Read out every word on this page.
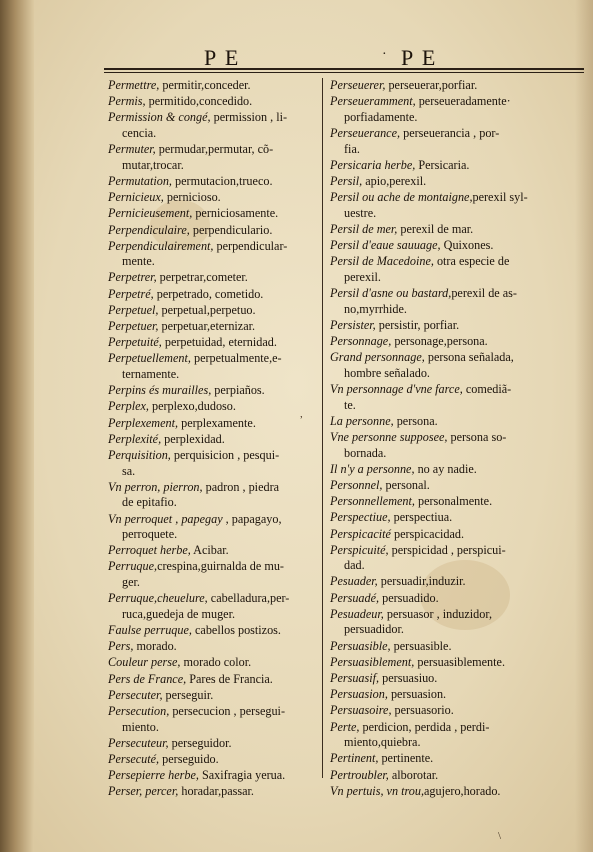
P E	· P E
Permettre, permitir,conceder.
Permis, permitido,concedido.
Permission & congé, permission , li-
cencia.
Permuter, permudar,permutar, cõ-
mutar,trocar.
Permutation, permutacion,trueco.
Pernicieux, pernicioso.
Pernicieusement, perniciosamente.
Perpendiculaire, perpendiculario.
Perpendiculairement, perpendicular-
mente.
Perpetrer, perpetrar,cometer.
Perpetré, perpetrado, cometido.
Perpetuel, perpetual,perpetuo.
Perpetuer, perpetuar,eternizar.
Perpetuité, perpetuidad, eternidad.
Perpetuellement, perpetualmente,e-
ternamente.
Perpins és murailles, perpiaños.
Perplex, perplexo,dudoso.
Perplexement, perplexamente.
Perplexité, perplexidad.
Perquisition, perquisicion , pesqui-
sa.
Vn perron, pierron, padron , piedra
de epitafio.
Vn perroquet , papegay , papagayo,
perroquete.
Perroquet herbe, Acibar.
Perruque,crespina,guirnalda de mu-
ger.
Perruque,cheuelure, cabelladura,per-
ruca,guedeja de muger.
Faulse perruque, cabellos postizos.
Pers, morado.
Couleur perse, morado color.
Pers de France, Pares de Francia.
Persecuter, perseguir.
Persecution, persecucion , persegui-
miento.
Persecuteur, perseguidor.
Persecuté, perseguido.
Persepierre herbe, Saxifragia yerua.
Perser, percer, horadar,passar.
Perseuerer, perseuerar,porfiar.
Perseueramment, perseueradamente·
porfiadamente.
Perseuerance, perseuerancia , por-
fia.
Persicaria herbe, Persicaria.
Persil, apio,perexil.
Persil ou ache de montaigne,perexil syl-
uestre.
Persil de mer, perexil de mar.
Persil d'eaue sauuage, Quixones.
Persil de Macedoine, otra especie de
perexil.
Persil d'asne ou bastard,perexil de as-
no,myrrhide.
Persister, persistir, porfiar.
Personnage, personage,persona.
Grand personnage, persona señalada,
hombre señalado.
Vn personnage d'vne farce, comediã-
te.
La personne, persona.
Vne personne supposee, persona so-
bornada.
Il n'y a personne, no ay nadie.
Personnel, personal.
Personnellement, personalmente.
Perspectiue, perspectiua.
Perspicacité perspicacidad.
Perspicuité, perspicidad , perspicui-
dad.
Pesuader, persuadir,induzir.
Persuadé, persuadido.
Pesuadeur, persuasor , induzidor,
persuadidor.
Persuasible, persuasible.
Persuasiblement, persuasiblemente.
Persuasif, persuasiuo.
Persuasion, persuasion.
Persuasoire, persuasorio.
Perte, perdicion, perdida , perdi-
miento,quiebra.
Pertinent, pertinente.
Pertroubler, alborotar.
Vn pertuis, vn trou,agujero,horado.
,
\
